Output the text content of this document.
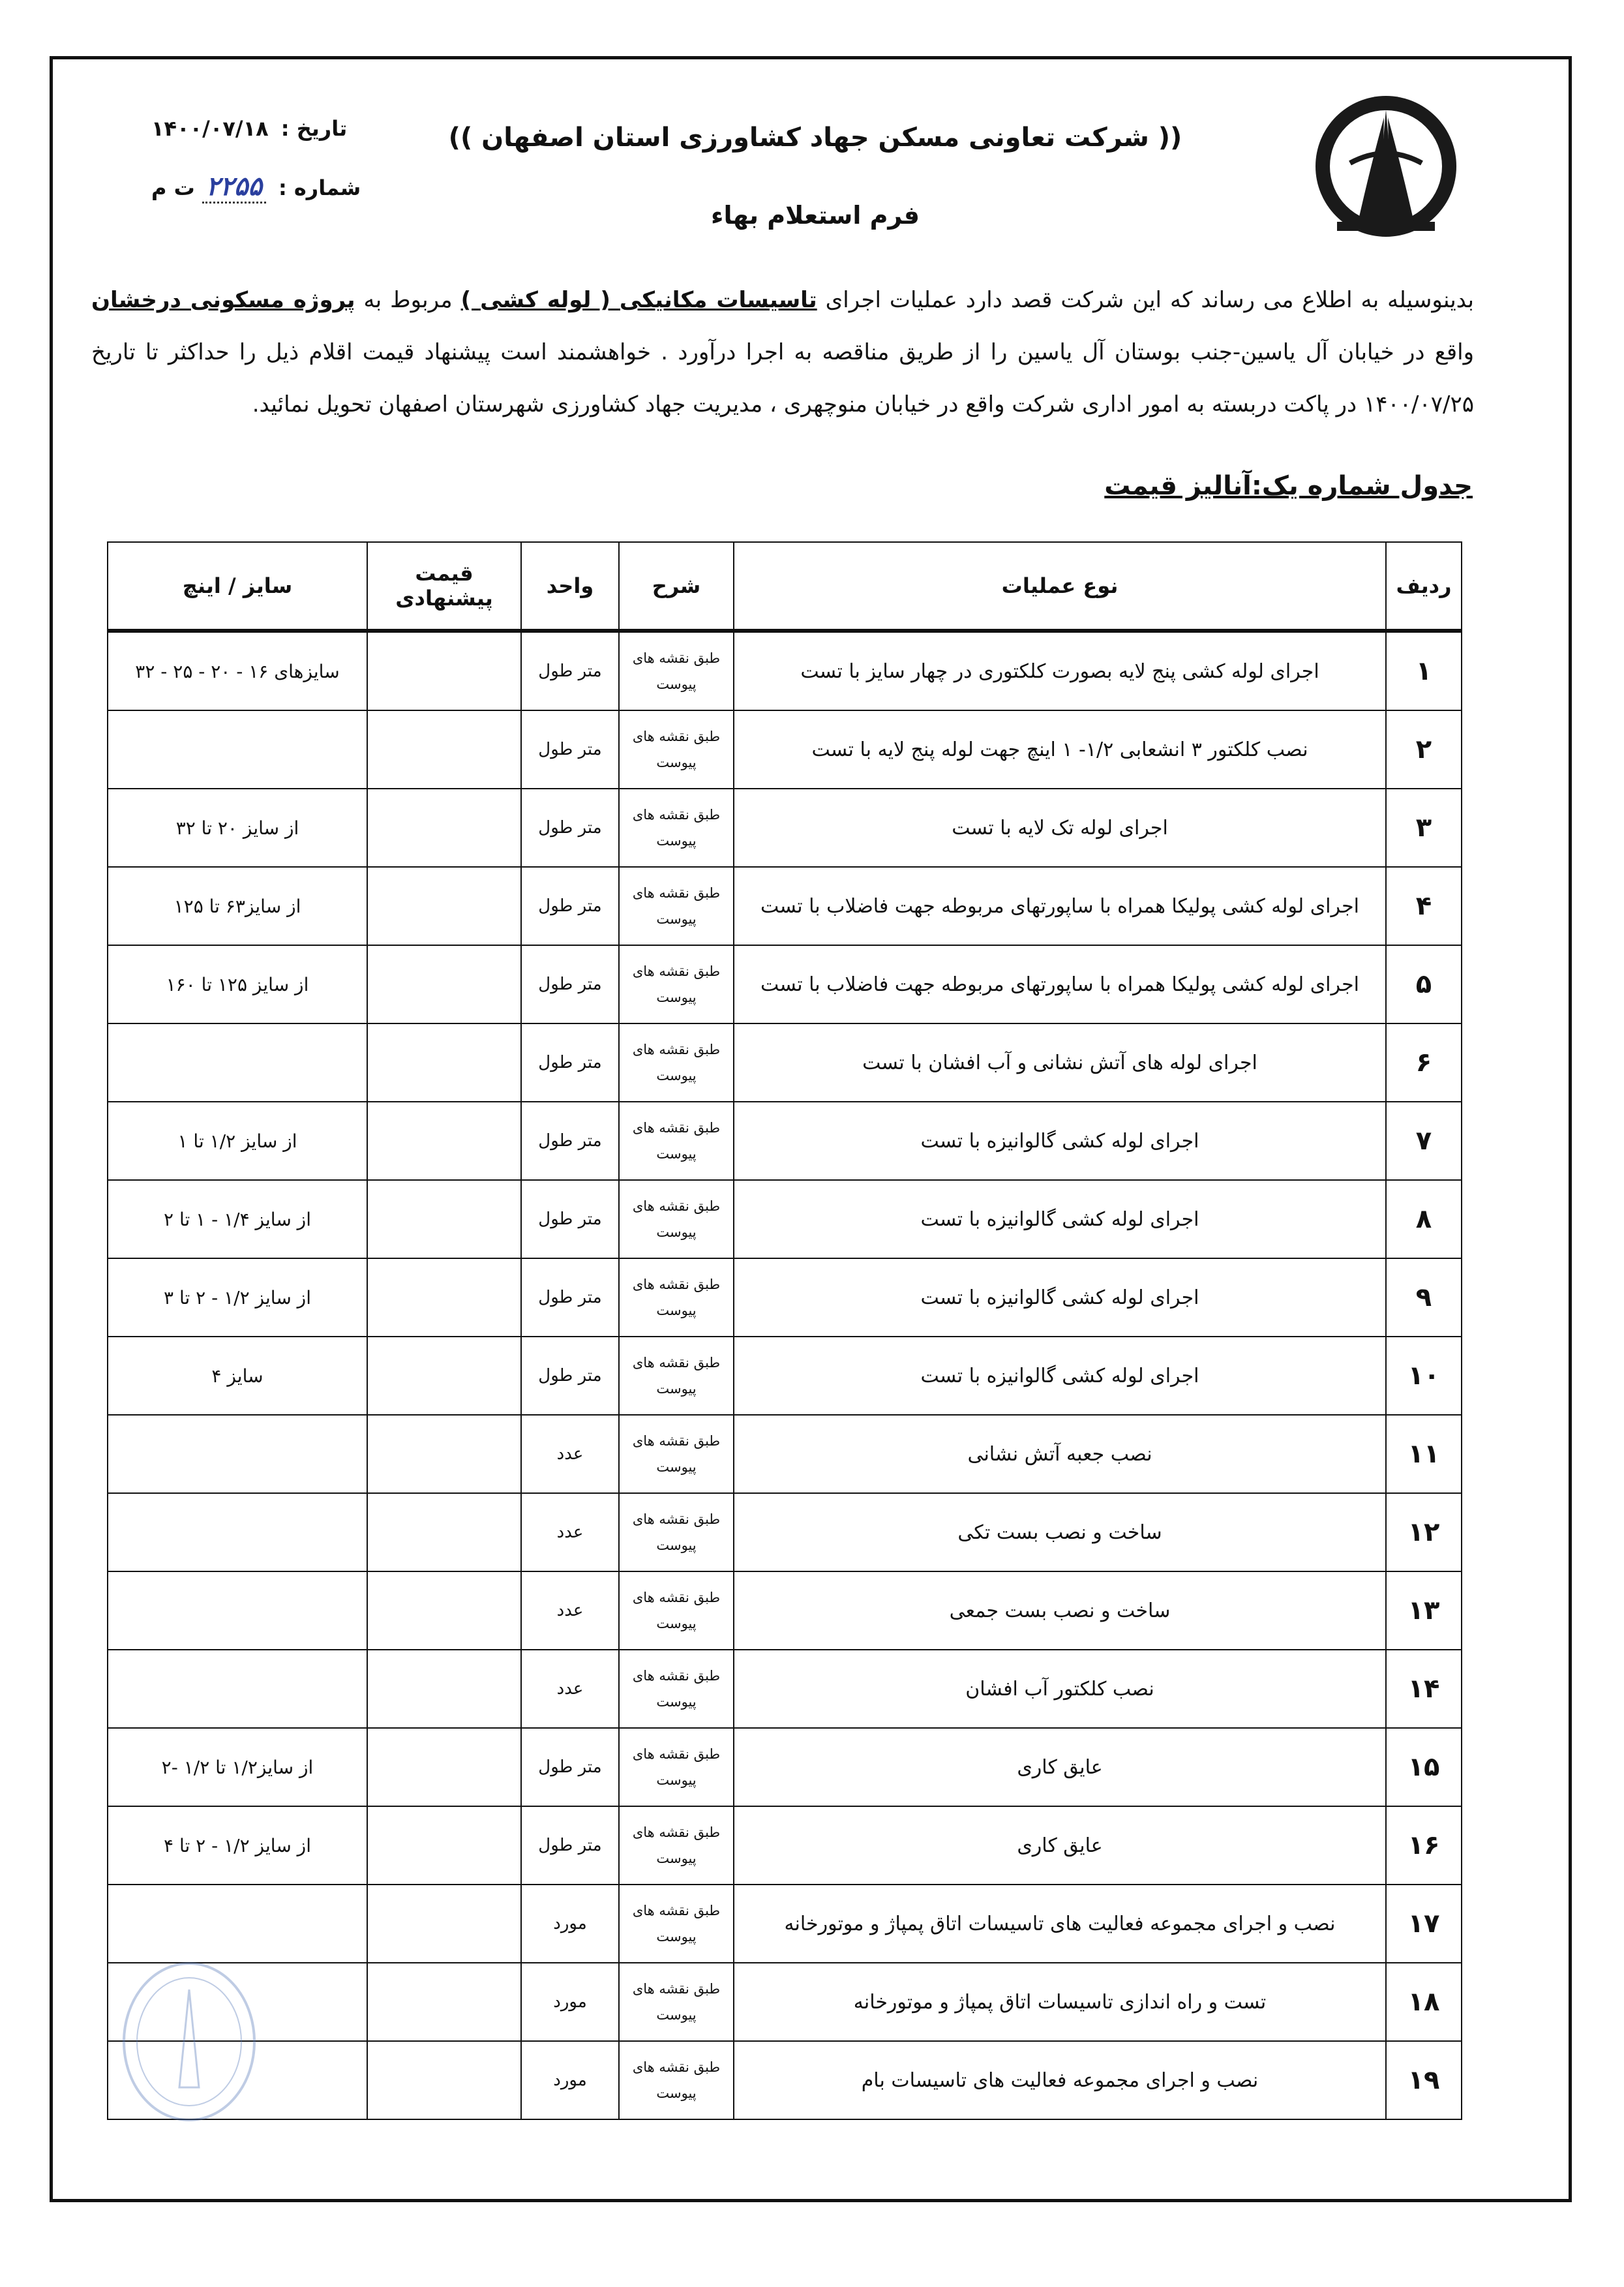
(( شرکت تعاونی مسکن جهاد کشاورزی استان اصفهان ))
فرم استعلام بهاء
تاریخ : ۱۴۰۰/۰۷/۱۸
شماره : ۲۲۵۵ ت م
بدینوسیله به اطلاع می رساند که این شرکت قصد دارد عملیات اجرای تاسیسات مکانیکی ( لوله کشی ) مربوط به پروژه مسکونی درخشان واقع در خیابان آل یاسین-جنب بوستان آل یاسین را از طریق مناقصه به اجرا درآورد . خواهشمند است پیشنهاد قیمت اقلام ذیل را حداکثر تا تاریخ ۱۴۰۰/۰۷/۲۵ در پاکت دربسته به امور اداری شرکت واقع در خیابان منوچهری ، مدیریت جهاد کشاورزی شهرستان اصفهان تحویل نمائید.
جدول شماره یک:آنالیز قیمت
ردیف	نوع عملیات	شرح	واحد	قیمت پیشنهادی	سایز / اینچ
۱	اجرای لوله کشی پنج لایه بصورت کلکتوری در چهار سایز با تست	طبق نقشه های پیوست	متر طول		سایزهای ۱۶ - ۲۰ - ۲۵ - ۳۲
۲	نصب کلکتور ۳ انشعابی ۱/۲- ۱ اینچ جهت لوله پنج لایه با تست	طبق نقشه های پیوست	متر طول		
۳	اجرای لوله تک لایه با تست	طبق نقشه های پیوست	متر طول		از سایز ۲۰ تا ۳۲
۴	اجرای لوله کشی پولیکا همراه با ساپورتهای مربوطه جهت فاضلاب با تست	طبق نقشه های پیوست	متر طول		از سایز۶۳ تا ۱۲۵
۵	اجرای لوله کشی پولیکا همراه با ساپورتهای مربوطه جهت فاضلاب با تست	طبق نقشه های پیوست	متر طول		از سایز ۱۲۵ تا ۱۶۰
۶	اجرای لوله های آتش نشانی و آب افشان با تست	طبق نقشه های پیوست	متر طول		
۷	اجرای لوله کشی گالوانیزه با تست	طبق نقشه های پیوست	متر طول		از سایز ۱/۲ تا ۱
۸	اجرای لوله کشی گالوانیزه با تست	طبق نقشه های پیوست	متر طول		از سایز ۱/۴ - ۱ تا ۲
۹	اجرای لوله کشی گالوانیزه با تست	طبق نقشه های پیوست	متر طول		از سایز ۱/۲ - ۲ تا ۳
۱۰	اجرای لوله کشی گالوانیزه با تست	طبق نقشه های پیوست	متر طول		سایز ۴
۱۱	نصب جعبه آتش نشانی	طبق نقشه های پیوست	عدد		
۱۲	ساخت و نصب بست تکی	طبق نقشه های پیوست	عدد		
۱۳	ساخت و نصب بست جمعی	طبق نقشه های پیوست	عدد		
۱۴	نصب کلکتور آب افشان	طبق نقشه های پیوست	عدد		
۱۵	عایق کاری	طبق نقشه های پیوست	متر طول		از سایز۱/۲ تا ۱/۲ -۲
۱۶	عایق کاری	طبق نقشه های پیوست	متر طول		از سایز ۱/۲ - ۲ تا ۴
۱۷	نصب و اجرای مجموعه فعالیت های تاسیسات اتاق پمپاژ و موتورخانه	طبق نقشه های پیوست	مورد		
۱۸	تست و راه اندازی تاسیسات اتاق پمپاژ و موتورخانه	طبق نقشه های پیوست	مورد		
۱۹	نصب و اجرای مجموعه فعالیت های تاسیسات بام	طبق نقشه های پیوست	مورد		
